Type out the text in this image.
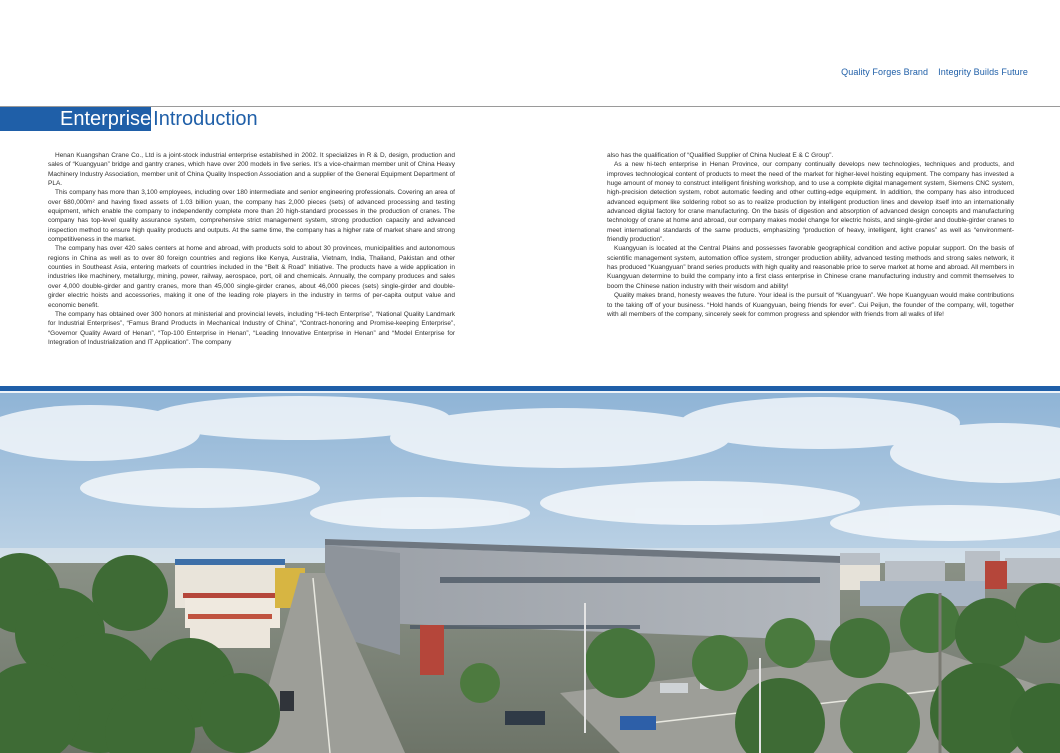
Quality Forges Brand Integrity Builds Future
Enterprise Introduction

Henan Kuangshan Crane Co., Ltd is a joint-stock industrial enterprise established in 2002. It specializes in R & D, design, production and sales of “Kuangyuan” bridge and gantry cranes, which have over 200 models in five series. It’s a vice-chairman member unit of China Heavy Machinery Industry Association, member unit of China Quality Inspection Association and a supplier of the General Equipment Department of PLA.

This company has more than 3,100 employees, including over 180 intermediate and senior engineering professionals. Covering an area of over 680,000m² and having fixed assets of 1.03 billion yuan, the company has 2,000 pieces (sets) of advanced processing and testing equipment, which enable the company to independently complete more than 20 high-standard processes in the production of cranes. The company has top-level quality assurance system, comprehensive strict management system, strong production capacity and advanced inspection method to ensure high quality products and outputs. At the same time, the company has a higher rate of market share and strong competitiveness in the market.

The company has over 420 sales centers at home and abroad, with products sold to about 30 provinces, municipalities and autonomous regions in China as well as to over 80 foreign countries and regions like Kenya, Australia, Vietnam, India, Thailand, Pakistan and other counties in Southeast Asia, entering markets of countries included in the “Belt & Road” Initiative. The products have a wide application in industries like machinery, metallurgy, mining, power, railway, aerospace, port, oil and chemicals. Annually, the company produces and sales over 4,000 double-girder and gantry cranes, more than 45,000 single-girder cranes, about 46,000 pieces (sets) single-girder and double-girder electric hoists and accessories, making it one of the leading role players in the industry in terms of per-capita output value and economic benefit.

The company has obtained over 300 honors at ministerial and provincial levels, including “Hi-tech Enterprise”, “National Quality Landmark for Industrial Enterprises”, “Famus Brand Products in Mechanical Industry of China”, “Contract-honoring and Promise-keeping Enterprise”, “Governor Quality Award of Henan”, “Top-100 Enterprise in Henan”, “Leading Innovative Enterprise in Henan” and “Model Enterprise for Integration of Industrialization and IT Application”. The company

also has the qualification of “Qualified Supplier of China Nucleat E & C Group”.

As a new hi-tech enterprise in Henan Province, our company continually develops new technologies, techniques and products, and improves technological content of products to meet the need of the market for higher-level hoisting equipment. The company has invested a huge amount of money to construct intelligent finishing workshop, and to use a complete digital management system, Siemens CNC system, high-precision detection system, robot automatic feeding and other cutting-edge equipment. In addition, the company has also introduced advanced equipment like soldering robot so as to realize production by intelligent production lines and develop itself into an internationally advanced digital factory for crane manufacturing. On the basis of digestion and absorption of advanced design concepts and manufacturing technology of crane at home and abroad, our company makes model change for electric hoists, and single-girder and double-girder cranes to meet international standards of the same products, emphasizing “production of heavy, intelligent, light cranes” as well as “environment-friendly production”.

Kuangyuan is located at the Central Plains and possesses favorable geographical condition and active popular support. On the basis of scientific management system, automation office system, stronger production ability, advanced testing methods and strong sales network, it has produced “Kuangyuan” brand series products with high quality and reasonable price to serve market at home and abroad. All members in Kuangyuan determine to build the company into a first class enterprise in Chinese crane manufacturing industry and commit themselves to boom the Chinese nation industry with their wisdom and ability!

Quality makes brand, honesty weaves the future. Your ideal is the pursuit of “Kuangyuan”. We hope Kuangyuan would make contributions to the taking off of your business. “Hold hands of Kuangyuan, being friends for ever”. Cui Peijun, the founder of the company, will, together with all members of the company, sincerely seek for common progress and splendor with friends from all walks of life!
